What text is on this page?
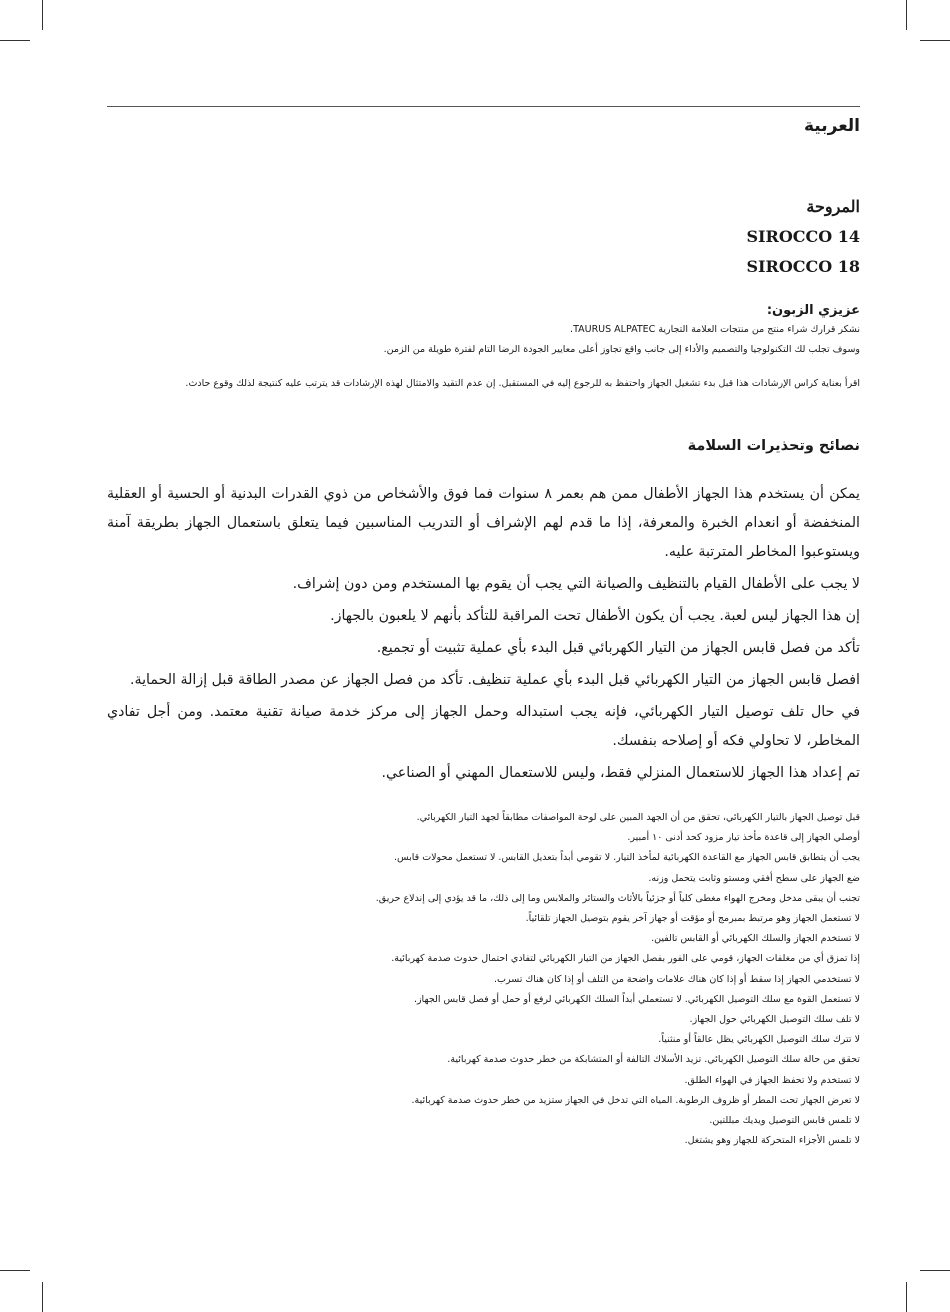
العربية

المروحة

SIROCCO 14

SIROCCO 18

عزيزي الزبون:

نشكر قرارك شراء منتج من منتجات العلامة التجارية TAURUS ALPATEC.

وسوف تجلب لك التكنولوجيا والتصميم والأداء إلى جانب واقع تجاوز أعلى معايير الجودة الرضا التام لفترة طويلة من الزمن.

اقرأ بعناية كراس الإرشادات هذا قبل بدء تشغيل الجهاز واحتفظ به للرجوع إليه في المستقبل. إن عدم التقيد والامتثال لهذه الإرشادات قد يترتب عليه كنتيجة لذلك وقوع حادث.

نصائح وتحذيرات السلامة

يمكن أن يستخدم هذا الجهاز الأطفال ممن هم بعمر ٨ سنوات فما فوق والأشخاص من ذوي القدرات البدنية أو الحسية أو العقلية المنخفضة أو انعدام الخبرة والمعرفة، إذا ما قدم لهم الإشراف أو التدريب المناسبين فيما يتعلق باستعمال الجهاز بطريقة آمنة ويستوعبوا المخاطر المترتبة عليه.

لا يجب على الأطفال القيام بالتنظيف والصيانة التي يجب أن يقوم بها المستخدم ومن دون إشراف.

إن هذا الجهاز ليس لعبة. يجب أن يكون الأطفال تحت المراقبة للتأكد بأنهم لا يلعبون بالجهاز.

تأكد من فصل قابس الجهاز من التيار الكهربائي قبل البدء بأي عملية تثبيت أو تجميع.

افصل قابس الجهاز من التيار الكهربائي قبل البدء بأي عملية تنظيف. تأكد من فصل الجهاز عن مصدر الطاقة قبل إزالة الحماية.

في حال تلف توصيل التيار الكهربائي، فإنه يجب استبداله وحمل الجهاز إلى مركز خدمة صيانة تقنية معتمد. ومن أجل تفادي المخاطر، لا تحاولي فكه أو إصلاحه بنفسك.

تم إعداد هذا الجهاز للاستعمال المنزلي فقط، وليس للاستعمال المهني أو الصناعي.

قبل توصيل الجهاز بالتيار الكهربائي، تحقق من أن الجهد المبين على لوحة المواصفات مطابقاً لجهد التيار الكهربائي.

أوصلي الجهاز إلى قاعدة مأخذ تيار مزود كحد أدنى ١٠ أمبير.

يجب أن يتطابق قابس الجهاز مع القاعدة الكهربائية لمأخذ التيار. لا تقومي أبداً بتعديل القابس. لا تستعمل محولات قابس.

ضع الجهاز على سطح أفقي ومستو وثابت يتحمل وزنه.

تجنب أن يبقى مدخل ومخرج الهواء مغطى كلياً أو جزئياً بالأثاث والستائر والملابس وما إلى ذلك، ما قد يؤدي إلى إندلاع حريق.

لا تستعمل الجهاز وهو مرتبط بمبرمج أو مؤقت أو جهاز آخر يقوم بتوصيل الجهاز تلقائياً.

لا تستخدم الجهاز والسلك الكهربائي أو القابس تالفين.

إذا تمزق أي من مغلفات الجهاز، قومي على الفور بفصل الجهاز من التيار الكهربائي لتفادي احتمال حدوث صدمة كهربائية.

لا تستخدمي الجهاز إذا سقط أو إذا كان هناك علامات واضحة من التلف أو إذا كان هناك تسرب.

لا تستعمل القوة مع سلك التوصيل الكهربائي. لا تستعملي أبداً السلك الكهربائي لرفع أو حمل أو فصل قابس الجهاز.

لا تلف سلك التوصيل الكهربائي حول الجهاز.

لا تترك سلك التوصيل الكهربائي يظل عالقاً أو منثنياً.

تحقق من حالة سلك التوصيل الكهربائي. تزيد الأسلاك التالفة أو المتشابكة من خطر حدوث صدمة كهربائية.

لا تستخدم ولا تحفظ الجهاز في الهواء الطلق.

لا تعرض الجهاز تحت المطر أو ظروف الرطوبة. المياه التي تدخل في الجهاز ستزيد من خطر حدوث صدمة كهربائية.

لا تلمس قابس التوصيل ويديك مبللتين.

لا تلمس الأجزاء المتحركة للجهاز وهو يشتغل.
